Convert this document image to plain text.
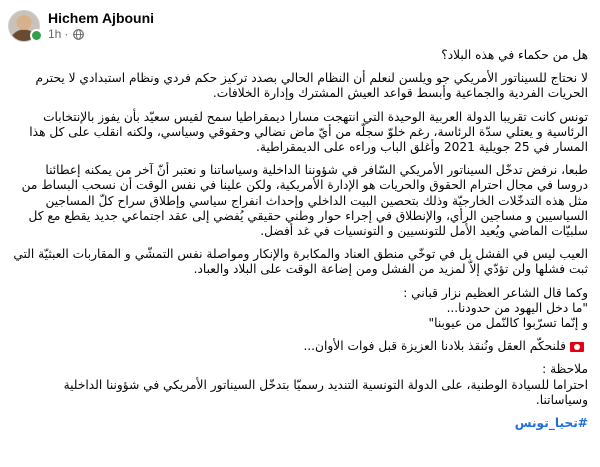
Hichem Ajbouni
1h ·

هل من حكماء في هذه البلاد؟

لا نحتاج للسيناتور الأمريكي جو ويلسن لنعلم أن النظام الحالي بصدد تركيز حكم فردي ونظام استبدادي لا يحترم الحريات الفردية والجماعية وأبسط قواعد العيش المشترك وإدارة الخلافات.

تونس كانت تقريبا الدولة العربية الوحيدة التي انتهجت مسارا ديمقراطيا سمح لقيس سعيّد بأن يفوز بالإنتخابات الرئاسية و يعتلي سدّة الرئاسة، رغم خلوّ سجلّه من أيّ ماض نضالي وحقوقي وسياسي، ولكنه انقلب على كل هذا المسار في 25 جويلية 2021 وأغلق الباب وراءه على الديمقراطية.

طبعا، نرفض تدخّل السيناتور الأمريكي السّافر في شؤوننا الداخلية وسياساتنا و نعتبر أنّ آخر من يمكنه إعطائنا دروسا في مجال احترام الحقوق والحريات هو الإدارة الأمريكية، ولكن علينا في نفس الوقت أن نسحب البساط من مثل هذه التدخّلات الخارجيّة وذلك بتحصين البيت الداخلي وإحداث انفراج سياسي وإطلاق سراح كلّ المساجين السياسيين و مساجين الرأي، والإنطلاق في إجراء حوار وطني حقيقي يُفضي إلى عقد اجتماعي جديد يقطع مع كل سلبيّات الماضي ويُعيد الأمل للتونسيين و التونسيات في غد أفضل.

العيب ليس في الفشل بل في توخّي منطق العناد والمكابرة والإنكار ومواصلة نفس التمشّي و المقاربات العبثيّة التي ثبت فشلها ولن تؤدّي إلاّ لمزيد من الفشل ومن إضاعة الوقت على البلاد والعباد.

وكما قال الشاعر العظيم نزار قباني :

"ما دخل اليهود من حدودنا...

و إنّما تسرّبوا كالنّمل من عيوبنا"

فلنحكّم العقل ونُنقذ بلادنا العزيزة قبل فوات الأوان...

ملاحظة :

احتراما للسيادة الوطنية، على الدولة التونسية التنديد رسميّا بتدخّل السيناتور الأمريكي في شؤوننا الداخلية وسياساتنا.

#تحيا_تونس
